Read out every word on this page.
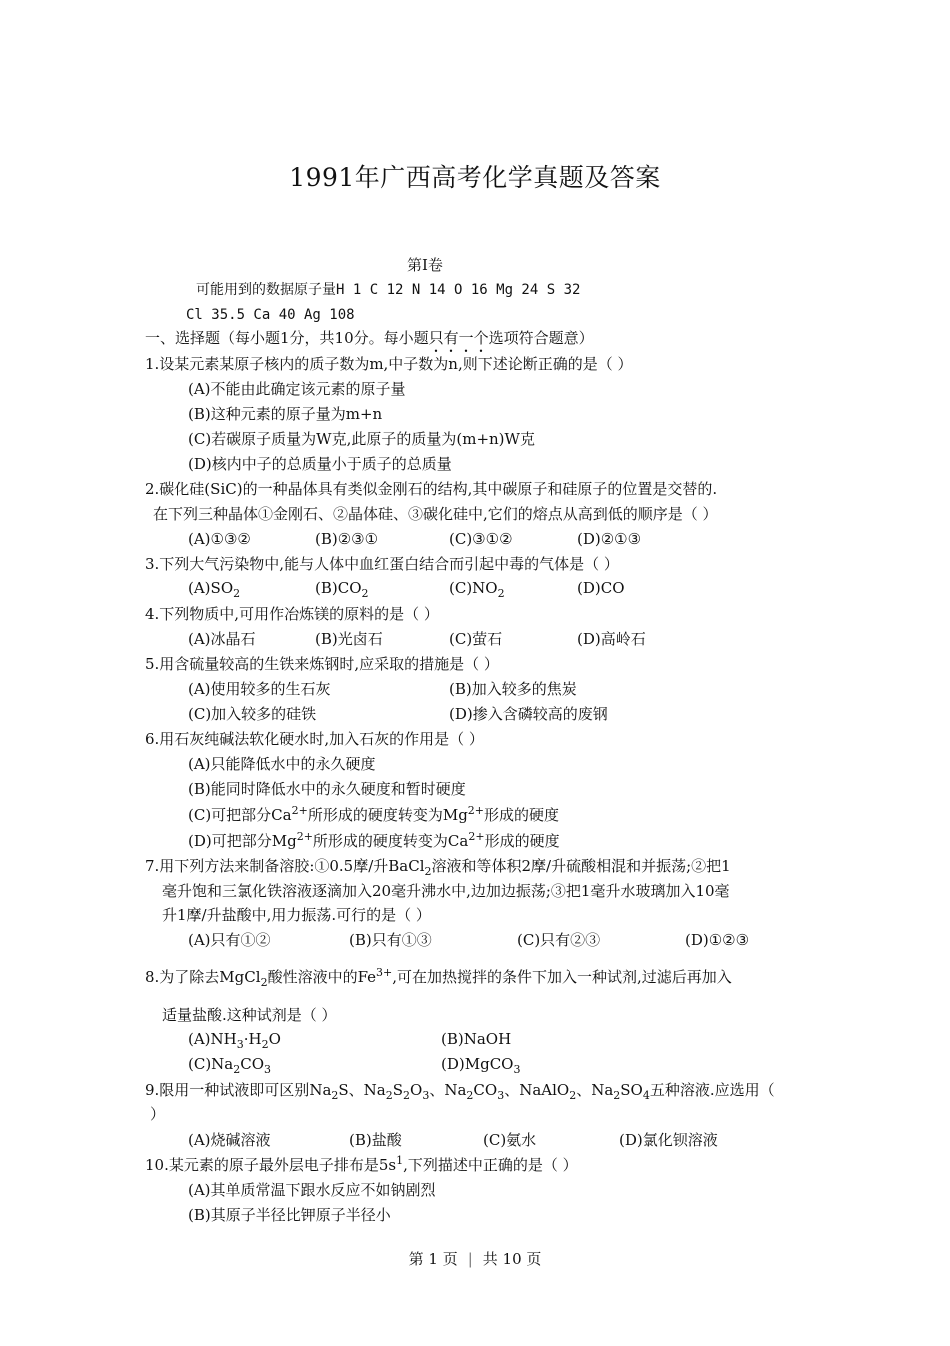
1991年广西高考化学真题及答案
第Ⅰ卷
可能用到的数据原子量H 1 C 12 N 14 O 16 Mg 24 S 32
Cl 35.5 Ca 40 Ag 108
一、选择题（每小题1分，共10分。每小题只有一个选项符合题意）
1.设某元素某原子核内的质子数为m,中子数为n,则下述论断正确的是（ ）
(A)不能由此确定该元素的原子量
(B)这种元素的原子量为m+n
(C)若碳原子质量为W克,此原子的质量为(m+n)W克
(D)核内中子的总质量小于质子的总质量
2.碳化硅(SiC)的一种晶体具有类似金刚石的结构,其中碳原子和硅原子的位置是交替的.
在下列三种晶体①金刚石、②晶体硅、③碳化硅中,它们的熔点从高到低的顺序是（ ）
(A)①③②	(B)②③①	(C)③①②	(D)②①③
3.下列大气污染物中,能与人体中血红蛋白结合而引起中毒的气体是（ ）
$(A)SO_2$	$(B)CO_2$	$(C)NO_2$	(D)CO
4.下列物质中,可用作冶炼镁的原料的是（ ）
(A)冰晶石	(B)光卤石	(C)萤石	(D)高岭石
5.用含硫量较高的生铁来炼钢时,应采取的措施是（ ）
(A)使用较多的生石灰	(B)加入较多的焦炭
(C)加入较多的硅铁	(D)掺入含磷较高的废钢
6.用石灰纯碱法软化硬水时,加入石灰的作用是（ ）
(A)只能降低水中的永久硬度
(B)能同时降低水中的永久硬度和暂时硬度
(C)可把部分$Ca^{2+}$所形成的硬度转变为$Mg^{2+}$形成的硬度
(D)可把部分$Mg^{2+}$所形成的硬度转变为$Ca^{2+}$形成的硬度
7.用下列方法来制备溶胶:①0.5摩/升BaCl$_2$溶液和等体积2摩/升硫酸相混和并振荡;②把1
毫升饱和三氯化铁溶液逐滴加入20毫升沸水中,边加边振荡;③把1毫升水玻璃加入10毫
升1摩/升盐酸中,用力振荡.可行的是（ ）
(A)只有①②	(B)只有①③	(C)只有②③	(D)①②③
8.为了除去MgCl$_2$酸性溶液中的$Fe^{3+}$,可在加热搅拌的条件下加入一种试剂,过滤后再加入
适量盐酸.这种试剂是（ ）
$(A)NH_3\cdot H_2O$	(B)NaOH
$(C)Na_2CO_3$	(D)MgCO$_3$
9.限用一种试液即可区别$Na_2S$、$Na_2S_2O_3$、$Na_2CO_3$、NaAlO$_2$、$Na_2SO_4$五种溶液.应选用（
）
(A)烧碱溶液	(B)盐酸	(C)氨水	(D)氯化钡溶液
10.某元素的原子最外层电子排布是$5s^1$,下列描述中正确的是（ ）
(A)其单质常温下跟水反应不如钠剧烈
(B)其原子半径比钾原子半径小
第 1 页 | 共 10 页
